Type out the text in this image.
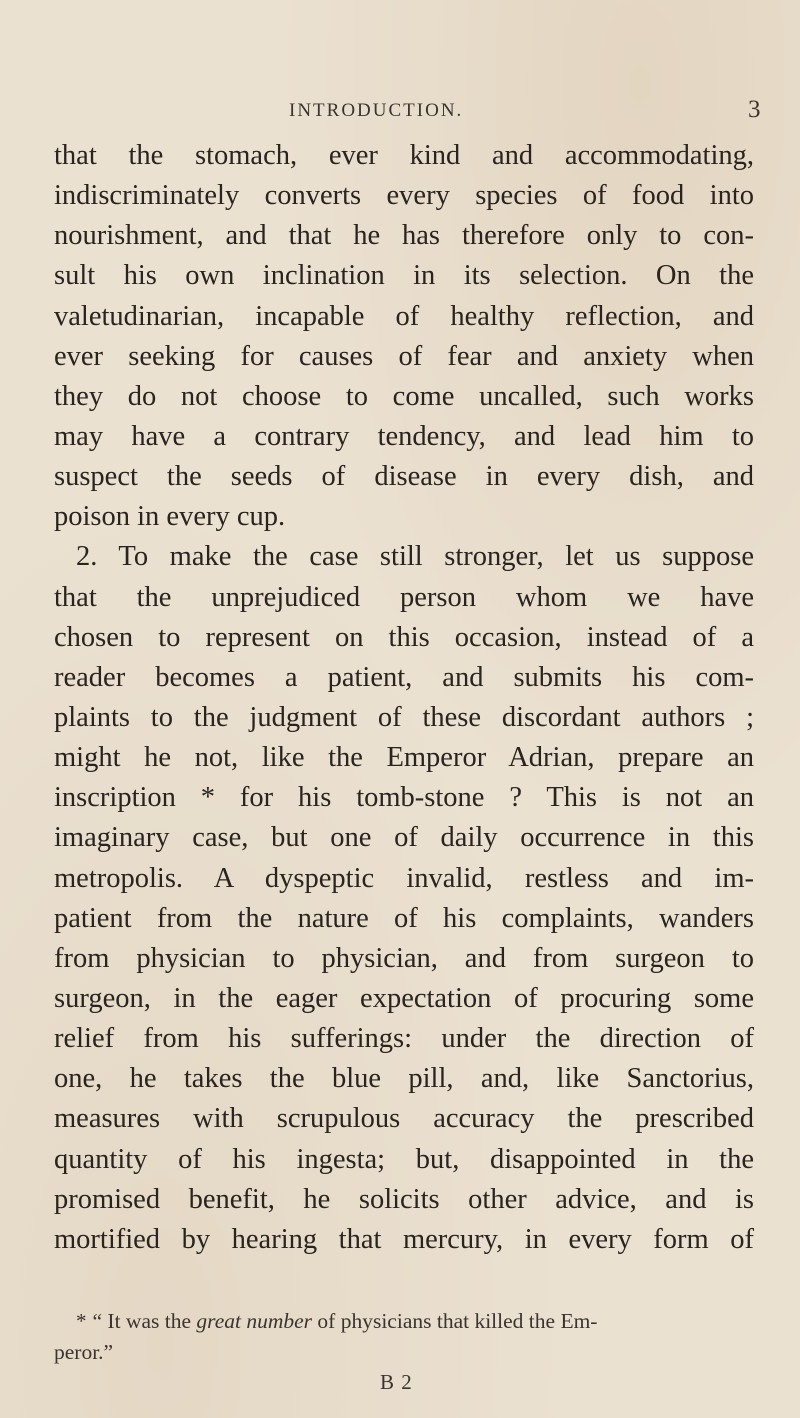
INTRODUCTION.	3
that the stomach, ever kind and accommodating,
indiscriminately converts every species of food into
nourishment, and that he has therefore only to con-
sult his own inclination in its selection. On the
valetudinarian, incapable of healthy reflection, and
ever seeking for causes of fear and anxiety when
they do not choose to come uncalled, such works
may have a contrary tendency, and lead him to
suspect the seeds of disease in every dish, and
poison in every cup.
2. To make the case still stronger, let us suppose
that the unprejudiced person whom we have
chosen to represent on this occasion, instead of a
reader becomes a patient, and submits his com-
plaints to the judgment of these discordant authors ;
might he not, like the Emperor Adrian, prepare an
inscription * for his tomb-stone ? This is not an
imaginary case, but one of daily occurrence in this
metropolis. A dyspeptic invalid, restless and im-
patient from the nature of his complaints, wanders
from physician to physician, and from surgeon to
surgeon, in the eager expectation of procuring some
relief from his sufferings: under the direction of
one, he takes the blue pill, and, like Sanctorius,
measures with scrupulous accuracy the prescribed
quantity of his ingesta; but, disappointed in the
promised benefit, he solicits other advice, and is
mortified by hearing that mercury, in every form of
* “ It was the great number of physicians that killed the Em-
peror.”
B 2
